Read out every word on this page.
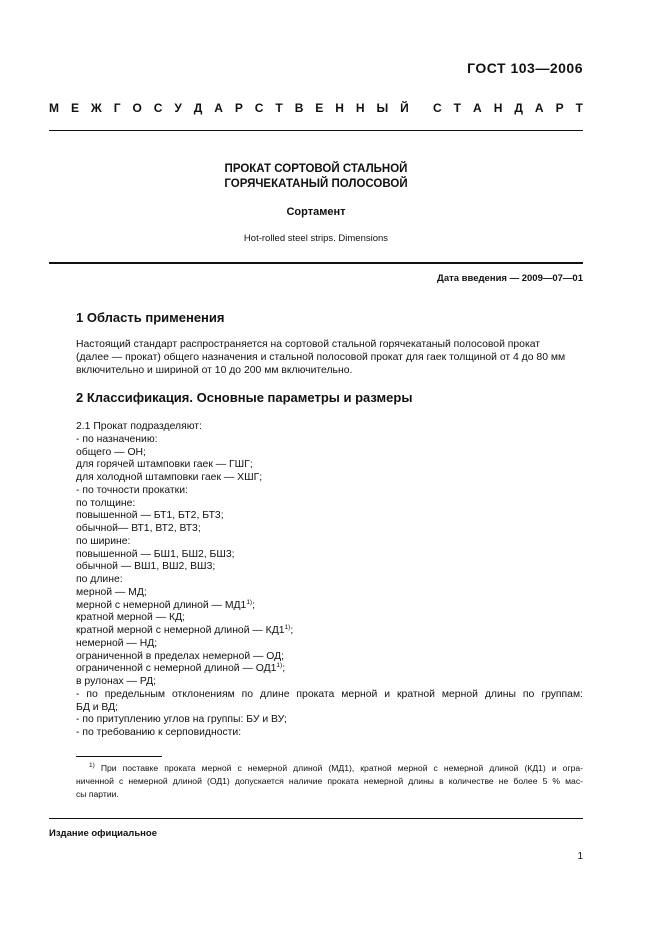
ГОСТ 103—2006
М Е Ж Г О С У Д А Р С Т В Е Н Н Ы Й С Т А Н Д А Р Т
ПРОКАТ СОРТОВОЙ СТАЛЬНОЙ
ГОРЯЧЕКАТАНЫЙ ПОЛОСОВОЙ
Сортамент
Hot-rolled steel strips. Dimensions
Дата введения — 2009—07—01
1 Область применения
Настоящий стандарт распространяется на сортовой стальной горячекатаный полосовой прокат
(далее — прокат) общего назначения и стальной полосовой прокат для гаек толщиной от 4 до 80 мм
включительно и шириной от 10 до 200 мм включительно.
2 Классификация. Основные параметры и размеры
2.1 Прокат подразделяют:
- по назначению:
общего — ОН;
для горячей штамповки гаек — ГШГ;
для холодной штамповки гаек — ХШГ;
- по точности прокатки:
по толщине:
повышенной — БТ1, БТ2, БТ3;
обычной— ВТ1, ВТ2, ВТ3;
по ширине:
повышенной — БШ1, БШ2, БШ3;
обычной — ВШ1, ВШ2, ВШ3;
по длине:
мерной — МД;
мерной с немерной длиной — МД1$^{1)}$;
кратной мерной — КД;
кратной мерной с немерной длиной — КД1$^{1)}$;
немерной — НД;
ограниченной в пределах немерной — ОД;
ограниченной с немерной длиной — ОД1$^{1)}$;
в рулонах — РД;
- по предельным отклонениям по длине проката мерной и кратной мерной длины по группам:
БД и ВД;
- по притуплению углов на группы: БУ и ВУ;
- по требованию к серповидности:
$^{1)}$ При поставке проката мерной с немерной длиной (МД1), кратной мерной с немерной длиной (КД1) и огра-
ниченной с немерной длиной (ОД1) допускается наличие проката немерной длины в количестве не более 5 % мас-
сы партии.
Издание официальное
1
